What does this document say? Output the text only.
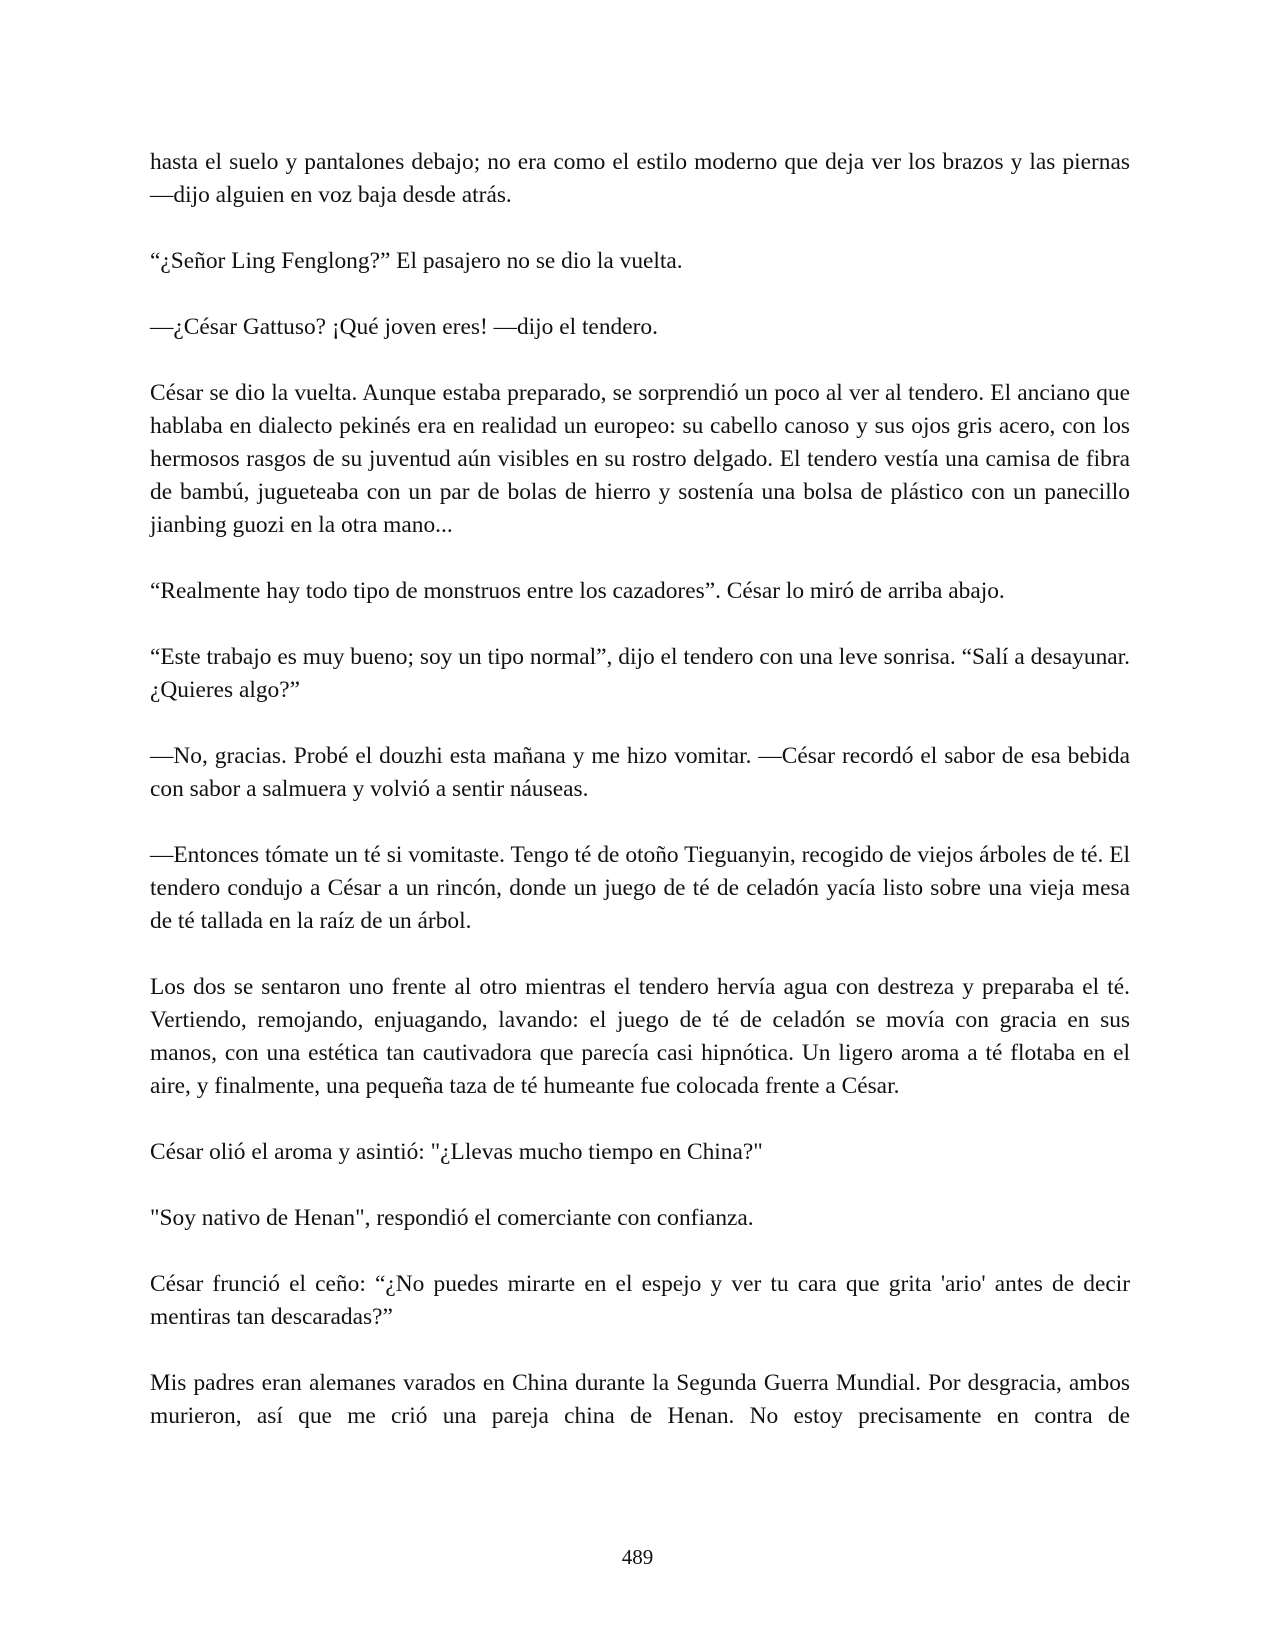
hasta el suelo y pantalones debajo; no era como el estilo moderno que deja ver los brazos y las piernas —dijo alguien en voz baja desde atrás.

“¿Señor Ling Fenglong?” El pasajero no se dio la vuelta.

—¿César Gattuso? ¡Qué joven eres! —dijo el tendero.

César se dio la vuelta. Aunque estaba preparado, se sorprendió un poco al ver al tendero. El anciano que hablaba en dialecto pekinés era en realidad un europeo: su cabello canoso y sus ojos gris acero, con los hermosos rasgos de su juventud aún visibles en su rostro delgado. El tendero vestía una camisa de fibra de bambú, jugueteaba con un par de bolas de hierro y sostenía una bolsa de plástico con un panecillo jianbing guozi en la otra mano...

“Realmente hay todo tipo de monstruos entre los cazadores”. César lo miró de arriba abajo.

“Este trabajo es muy bueno; soy un tipo normal”, dijo el tendero con una leve sonrisa. “Salí a desayunar. ¿Quieres algo?”

—No, gracias. Probé el douzhi esta mañana y me hizo vomitar. —César recordó el sabor de esa bebida con sabor a salmuera y volvió a sentir náuseas.

—Entonces tómate un té si vomitaste. Tengo té de otoño Tieguanyin, recogido de viejos árboles de té. El tendero condujo a César a un rincón, donde un juego de té de celadón yacía listo sobre una vieja mesa de té tallada en la raíz de un árbol.

Los dos se sentaron uno frente al otro mientras el tendero hervía agua con destreza y preparaba el té. Vertiendo, remojando, enjuagando, lavando: el juego de té de celadón se movía con gracia en sus manos, con una estética tan cautivadora que parecía casi hipnótica. Un ligero aroma a té flotaba en el aire, y finalmente, una pequeña taza de té humeante fue colocada frente a César.

César olió el aroma y asintió: "¿Llevas mucho tiempo en China?"

"Soy nativo de Henan", respondió el comerciante con confianza.

César frunció el ceño: “¿No puedes mirarte en el espejo y ver tu cara que grita 'ario' antes de decir mentiras tan descaradas?”

Mis padres eran alemanes varados en China durante la Segunda Guerra Mundial. Por desgracia, ambos murieron, así que me crió una pareja china de Henan. No estoy precisamente en contra de

489
